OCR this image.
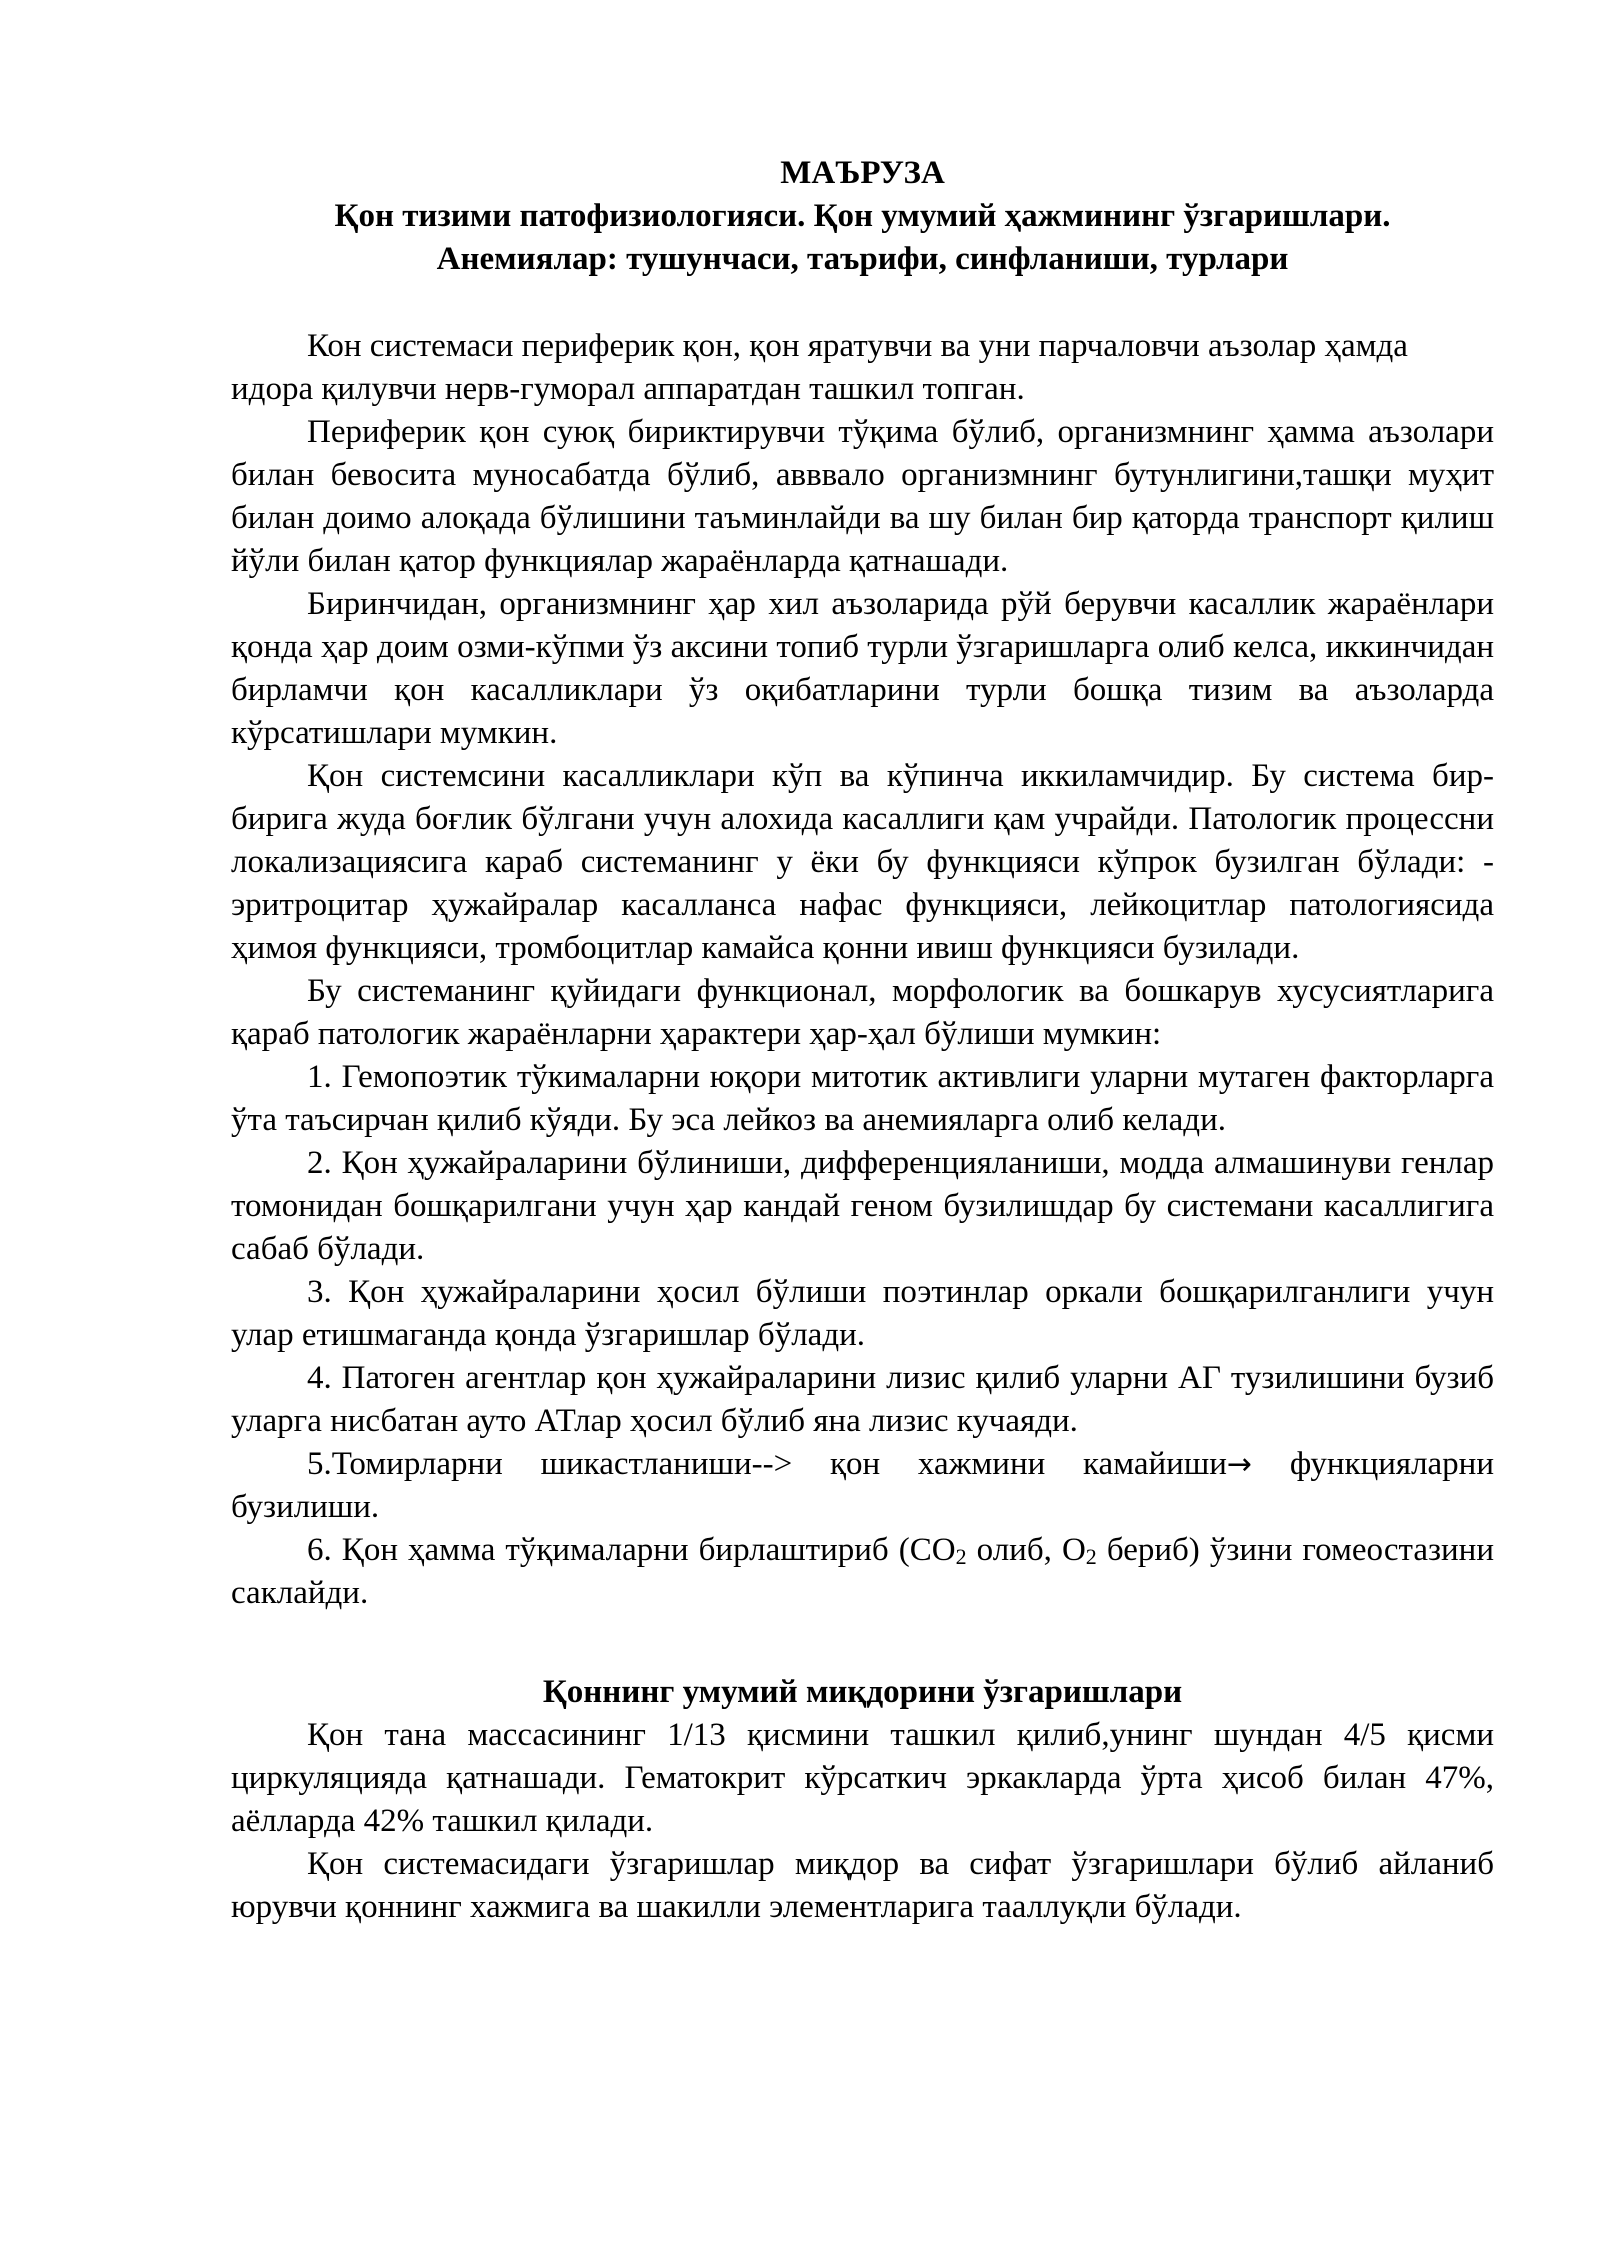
МАЪРУЗА

Қон тизими патофизиологияси. Қон умумий ҳажмининг ўзгаришлари.

Анемиялар: тушунчаси, таърифи, синфланиши, турлари

Кон системаси периферик қон, қон яратувчи ва уни парчаловчи аъзолар ҳамда идора қилувчи нерв-гуморал аппаратдан ташкил топган.

Периферик қон суюқ бириктирувчи тўқима бўлиб, организмнинг ҳамма аъзолари билан бевосита муносабатда бўлиб, авввало организмнинг бутунлигини,ташқи муҳит билан доимо алоқада бўлишини таъминлайди ва шу билан бир қаторда транспорт қилиш йўли билан қатор функциялар жараёнларда қатнашади.

Биринчидан, организмнинг ҳар хил аъзоларида рўй берувчи касаллик жараёнлари қонда ҳар доим озми-кўпми ўз аксини топиб турли ўзгаришларга олиб келса, иккинчидан бирламчи қон касалликлари ўз оқибатларини турли бошқа тизим ва аъзоларда кўрсатишлари мумкин.

Қон системсини касалликлари кўп ва кўпинча иккиламчидир. Бу система бир-бирига жуда боғлик бўлгани учун алохида касаллиги қам учрайди. Патологик процессни локализациясига караб системанинг у ёки бу функцияси кўпрок бузилган бўлади: - эритроцитар ҳужайралар касалланса нафас функцияси, лейкоцитлар патологиясида ҳимоя функцияси, тромбоцитлар камайса қонни ивиш функцияси бузилади.

Бу системанинг қуйидаги функционал, морфологик ва бошкарув хусусиятларига қараб патологик жараёнларни ҳарактери ҳар-ҳал бўлиши мумкин:

1. Гемопоэтик тўкималарни юқори митотик активлиги уларни мутаген факторларга ўта таъсирчан қилиб кўяди. Бу эса лейкоз ва анемияларга олиб келади.

2. Қон ҳужайраларини бўлиниши, дифференцияланиши, модда алмашинуви генлар томонидан бошқарилгани учун ҳар кандай геном бузилишдар бу системани касаллигига сабаб бўлади.

3. Қон ҳужайраларини ҳосил бўлиши поэтинлар оркали бошқарилганлиги учун улар етишмаганда қонда ўзгаришлар бўлади.

4. Патоген агентлар қон ҳужайраларини лизис қилиб уларни АГ тузилишини бузиб уларга нисбатан ауто АТлар ҳосил бўлиб яна лизис кучаяди.

5.Томирларни шикастланиши--> қон хажмини камайиши→ функцияларни бузилиши.

6. Қон ҳамма тўқималарни бирлаштириб (СО2 олиб, О2 бериб) ўзини гомеостазини саклайди.

Қоннинг умумий миқдорини ўзгаришлари

Қон тана массасининг 1/13 қисмини ташкил қилиб,унинг шундан 4/5 қисми циркуляцияда қатнашади. Гематокрит кўрсаткич эркакларда ўрта ҳисоб билан 47%, аёлларда 42% ташкил қилади.

Қон системасидаги ўзгаришлар миқдор ва сифат ўзгаришлари бўлиб айланиб юрувчи қоннинг хажмига ва шакилли элементларига тааллуқли бўлади.
